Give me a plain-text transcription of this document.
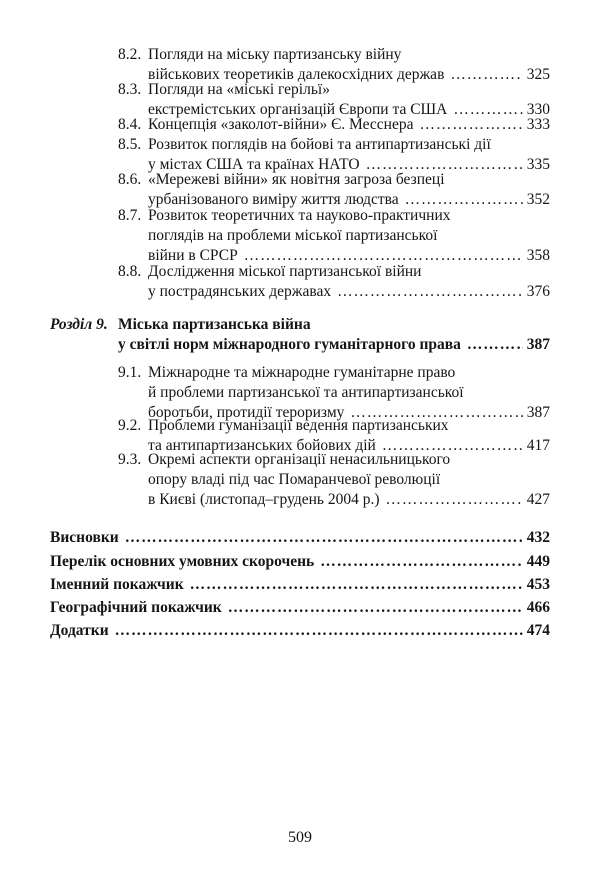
8.2. Погляди на міську партизанську війну
військових теоретиків далекосхідних держав …………………………………………………………………………………………………………	325
8.3. Погляди на «міські герільї»
екстремістських організацій Європи та США …………………………………………………………………………………………………………	330
8.4. Концепція «заколот-війни» Є. Месснера …………………………………………………………………………………………………………	333
8.5. Розвиток поглядів на бойові та антипартизанські дії
у містах США та країнах НАТО …………………………………………………………………………………………………………	335
8.6. «Мережеві війни» як новітня загроза безпеці
урбанізованого виміру життя людства …………………………………………………………………………………………………………	352
8.7. Розвиток теоретичних та науково-практичних
поглядів на проблеми міської партизанської
війни в СРСР …………………………………………………………………………………………………………	358
8.8. Дослідження міської партизанської війни
у пострадянських державах …………………………………………………………………………………………………………	376
Розділ 9. Міська партизанська війна
у світлі норм міжнародного гуманітарного права …………………………………………………………………………………………………………	387
9.1. Міжнародне та міжнародне гуманітарне право
й проблеми партизанської та антипартизанської
боротьби, протидії тероризму …………………………………………………………………………………………………………	387
9.2. Проблеми гуманізації ведення партизанських
та антипартизанських бойових дій …………………………………………………………………………………………………………	417
9.3. Окремі аспекти організації ненасильницького
опору владі під час Помаранчевої революції
в Києві (листопад–грудень 2004 р.) …………………………………………………………………………………………………………	427
Висновки …………………………………………………………………………………………………………	432
Перелік основних умовних скорочень …………………………………………………………………………………………………………	449
Іменний покажчик …………………………………………………………………………………………………………	453
Географічний покажчик …………………………………………………………………………………………………………	466
Додатки …………………………………………………………………………………………………………	474
509
